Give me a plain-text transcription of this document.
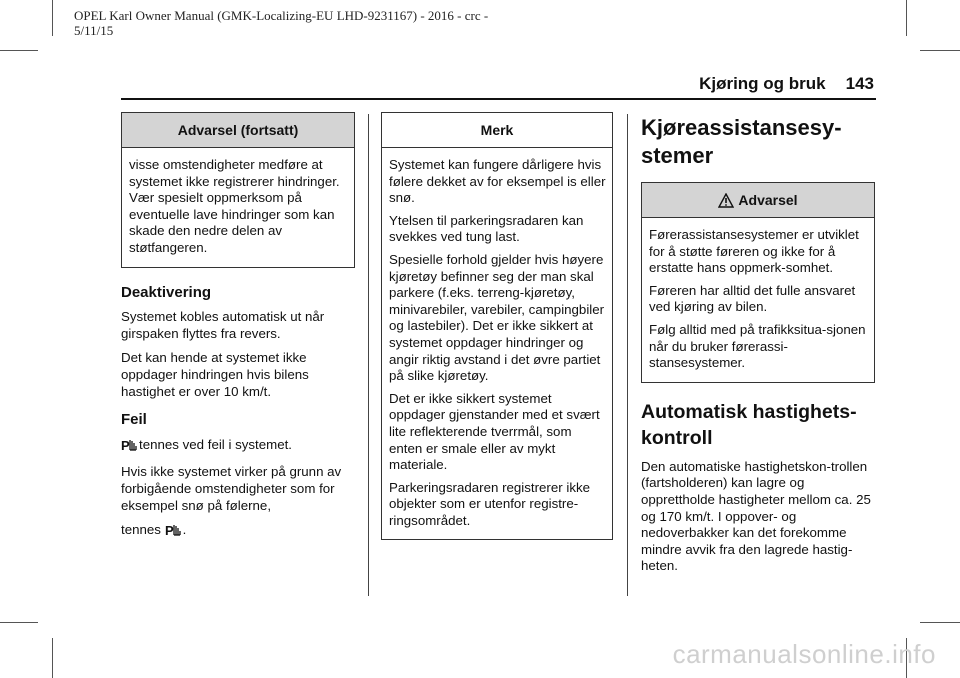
OPEL Karl Owner Manual (GMK-Localizing-EU LHD-9231167) - 2016 - crc -
5/11/15
Kjøring og bruk 143
Advarsel (fortsatt)

visse omstendigheter medføre at systemet ikke registrerer hindringer. Vær spesielt oppmerksom på eventuelle lave hindringer som kan skade den nedre delen av støtfangeren.

Deaktivering

Systemet kobles automatisk ut når girspaken flyttes fra revers.

Det kan hende at systemet ikke oppdager hindringen hvis bilens hastighet er over 10 km/t.

Feil

P tennes ved feil i systemet.

Hvis ikke systemet virker på grunn av forbigående omstendigheter som for eksempel snø på følerne,

tennes P .

Merk

Systemet kan fungere dårligere hvis følere dekket av for eksempel is eller snø.

Ytelsen til parkeringsradaren kan svekkes ved tung last.

Spesielle forhold gjelder hvis høyere kjøretøy befinner seg der man skal parkere (f.eks. terreng-kjøretøy, minivarebiler, varebiler, campingbiler og lastebiler). Det er ikke sikkert at systemet oppdager hindringer og angir riktig avstand i det øvre partiet på slike kjøretøy.

Det er ikke sikkert systemet oppdager gjenstander med et svært lite reflekterende tverrmål, som enten er smale eller av mykt materiale.

Parkeringsradaren registrerer ikke objekter som er utenfor registre-ringsområdet.

Kjøreassistansesy-stemer
Advarsel

Førerassistansesystemer er utviklet for å støtte føreren og ikke for å erstatte hans oppmerk-somhet.

Føreren har alltid det fulle ansvaret ved kjøring av bilen.

Følg alltid med på trafikksitua-sjonen når du bruker førerassi-stansesystemer.

Automatisk hastighets-kontroll

Den automatiske hastighetskon-trollen (fartsholderen) kan lagre og opprettholde hastigheter mellom ca. 25 og 170 km/t. I oppover- og nedoverbakker kan det forekomme mindre avvik fra den lagrede hastig-heten.

carmanualsonline.info
